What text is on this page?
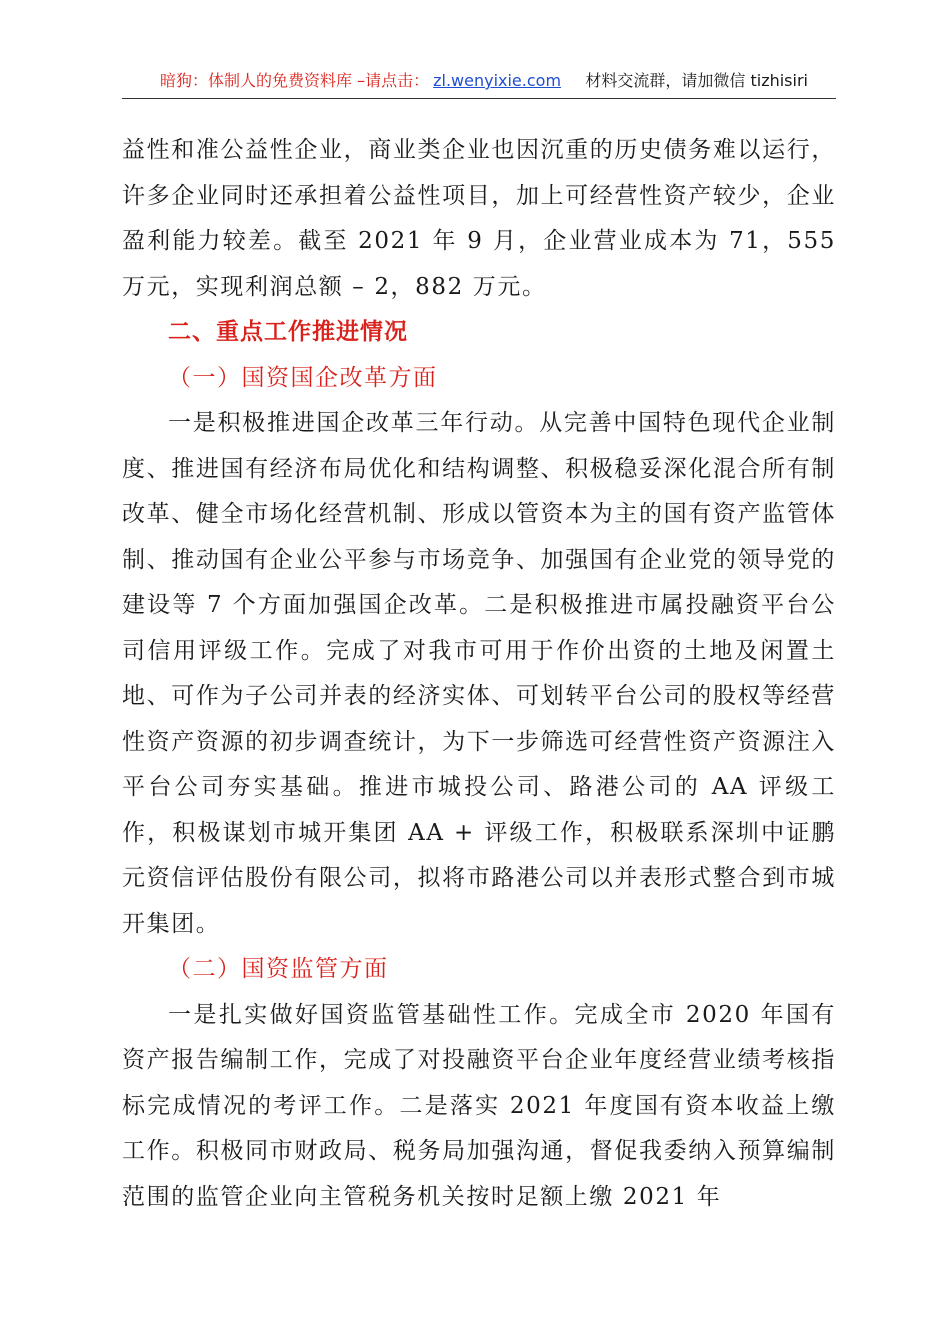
暗狗：体制人的免费资料库 –请点击： zl.wenyixie.com 材料交流群，请加微信 tizhisiri

益性和准公益性企业，商业类企业也因沉重的历史债务难以运行，许多企业同时还承担着公益性项目，加上可经营性资产较少，企业盈利能力较差。截至 2021 年 9 月，企业营业成本为 71，555 万元，实现利润总额 – 2，882 万元。

二、重点工作推进情况

（一）国资国企改革方面

一是积极推进国企改革三年行动。从完善中国特色现代企业制度、推进国有经济布局优化和结构调整、积极稳妥深化混合所有制改革、健全市场化经营机制、形成以管资本为主的国有资产监管体制、推动国有企业公平参与市场竞争、加强国有企业党的领导党的建设等 7 个方面加强国企改革。二是积极推进市属投融资平台公司信用评级工作。完成了对我市可用于作价出资的土地及闲置土地、可作为子公司并表的经济实体、可划转平台公司的股权等经营性资产资源的初步调查统计，为下一步筛选可经营性资产资源注入平台公司夯实基础。推进市城投公司、路港公司的 AA 评级工作，积极谋划市城开集团 AA + 评级工作，积极联系深圳中证鹏元资信评估股份有限公司，拟将市路港公司以并表形式整合到市城开集团。

（二）国资监管方面

一是扎实做好国资监管基础性工作。完成全市 2020 年国有资产报告编制工作，完成了对投融资平台企业年度经营业绩考核指标完成情况的考评工作。二是落实 2021 年度国有资本收益上缴工作。积极同市财政局、税务局加强沟通，督促我委纳入预算编制范围的监管企业向主管税务机关按时足额上缴 2021 年
